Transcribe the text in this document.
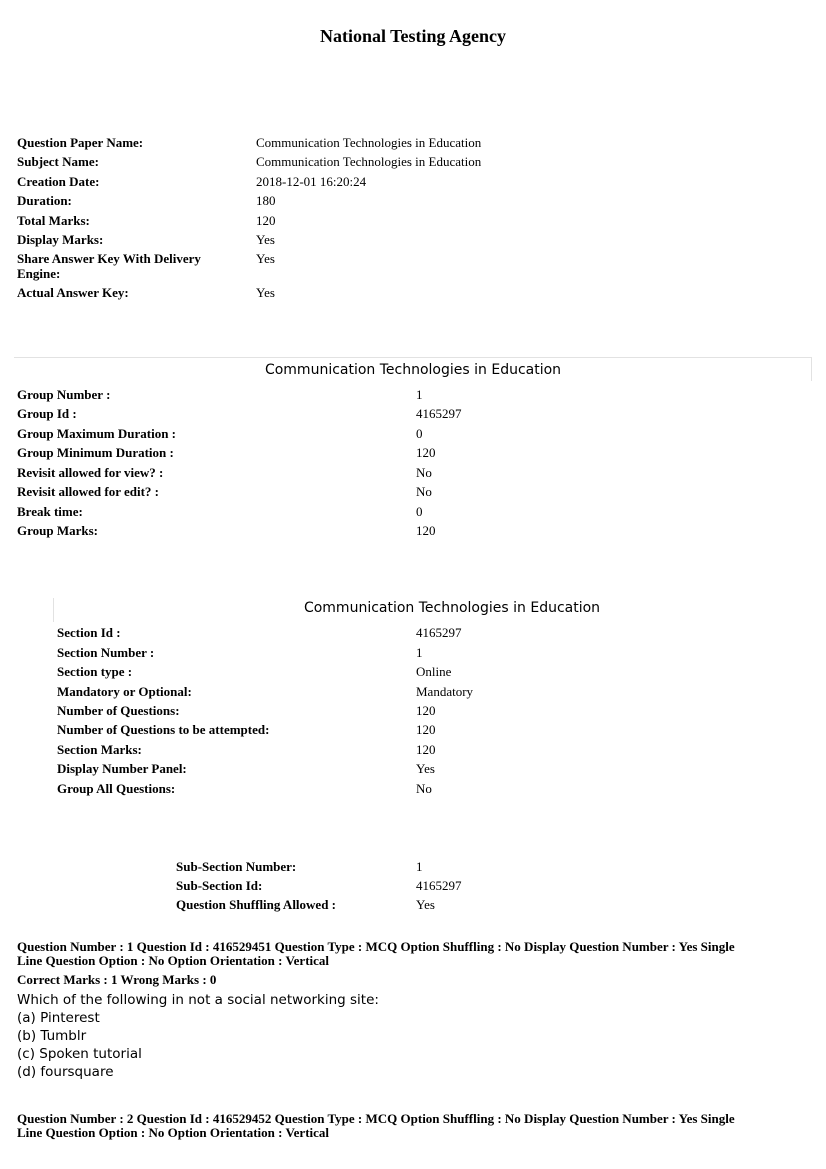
National Testing Agency
Question Paper Name:	Communication Technologies in Education
Subject Name:	Communication Technologies in Education
Creation Date:	2018-12-01 16:20:24
Duration:	180
Total Marks:	120
Display Marks:	Yes
Share Answer Key With Delivery Engine:
Yes
Actual Answer Key:	Yes
Communication Technologies in Education
Group Number :	1
Group Id :	4165297
Group Maximum Duration :	0
Group Minimum Duration :	120
Revisit allowed for view? :	No
Revisit allowed for edit? :	No
Break time:	0
Group Marks:	120
Communication Technologies in Education
Section Id :	4165297
Section Number :	1
Section type :	Online
Mandatory or Optional:	Mandatory
Number of Questions:	120
Number of Questions to be attempted:	120
Section Marks:	120
Display Number Panel:	Yes
Group All Questions:	No
Sub-Section Number:	1
Sub-Section Id:	4165297
Question Shuffling Allowed :	Yes
Question Number : 1 Question Id : 416529451 Question Type : MCQ Option Shuffling : No Display Question Number : Yes Single
Line Question Option : No Option Orientation : Vertical
Correct Marks : 1 Wrong Marks : 0
Which of the following in not a social networking site:
(a) Pinterest
(b) Tumblr
(c) Spoken tutorial
(d) foursquare
Question Number : 2 Question Id : 416529452 Question Type : MCQ Option Shuffling : No Display Question Number : Yes Single
Line Question Option : No Option Orientation : Vertical
